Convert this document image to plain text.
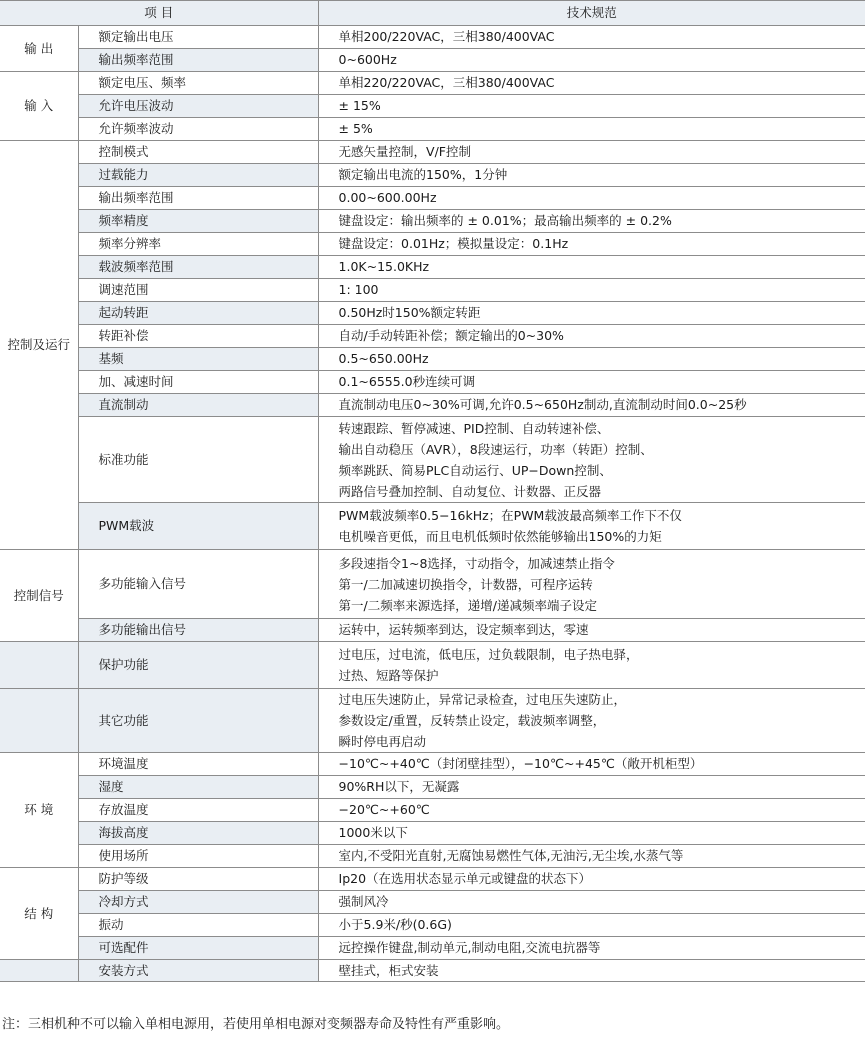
项 目		技术规范
输 出	额定输出电压	单相200/220VAC，三相380/400VAC

	输出频率范围	0~600Hz

输 入	额定电压、频率	单相220/220VAC，三相380/400VAC

	允许电压波动	± 15%

	允许频率波动	± 5%

控制及运行	控制模式	无感矢量控制，V/F控制

	过载能力	额定输出电流的150%，1分钟

	输出频率范围	0.00~600.00Hz

	频率精度	键盘设定：输出频率的 ± 0.01%；最高输出频率的 ± 0.2%

	频率分辨率	键盘设定：0.01Hz；模拟量设定：0.1Hz

	载波频率范围	1.0K~15.0KHz

	调速范围	1: 100

	起动转距	0.50Hz时150%额定转距

	转距补偿	自动/手动转距补偿；额定输出的0~30%

	基频	0.5~650.00Hz

	加、减速时间	0.1~6555.0秒连续可调

	直流制动	直流制动电压0~30%可调,允许0.5~650Hz制动,直流制动时间0.0~25秒

	标准功能	转速跟踪、暂停减速、PID控制、自动转速补偿、
输出自动稳压（AVR），8段速运行，功率（转距）控制、
频率跳跃、简易PLC自动运行、UP−Down控制、
两路信号叠加控制、自动复位、计数器、正反器

	PWM载波	PWM载波频率0.5−16kHz；在PWM载波最高频率工作下不仅
电机噪音更低，而且电机低频时依然能够输出150%的力矩

控制信号	多功能输入信号	多段速指令1~8选择，寸动指令，加减速禁止指令
第一/二加减速切换指令，计数器，可程序运转
第一/二频率来源选择，递增/递减频率端子设定

	多功能输出信号	运转中，运转频率到达，设定频率到达，零速

	保护功能	过电压，过电流，低电压，过负载限制，电子热电驿，
过热、短路等保护

	其它功能	过电压失速防止，异常记录检查，过电压失速防止，
参数设定/重置，反转禁止设定，载波频率调整，
瞬时停电再启动

环 境	环境温度	−10℃~+40℃（封闭壁挂型），−10℃~+45℃（敞开机柜型）

	湿度	90%RH以下，无凝露

	存放温度	−20℃~+60℃

	海拔高度	1000米以下

	使用场所	室内,不受阳光直射,无腐蚀易燃性气体,无油污,无尘埃,水蒸气等

结 构	防护等级	Ip20（在选用状态显示单元或键盘的状态下）

	冷却方式	强制风冷

	振动	小于5.9米/秒(0.6G)

	可选配件	远控操作键盘,制动单元,制动电阻,交流电抗器等

	安装方式	壁挂式，柜式安装
注：三相机种不可以输入单相电源用，若使用单相电源对变频器寿命及特性有严重影响。
